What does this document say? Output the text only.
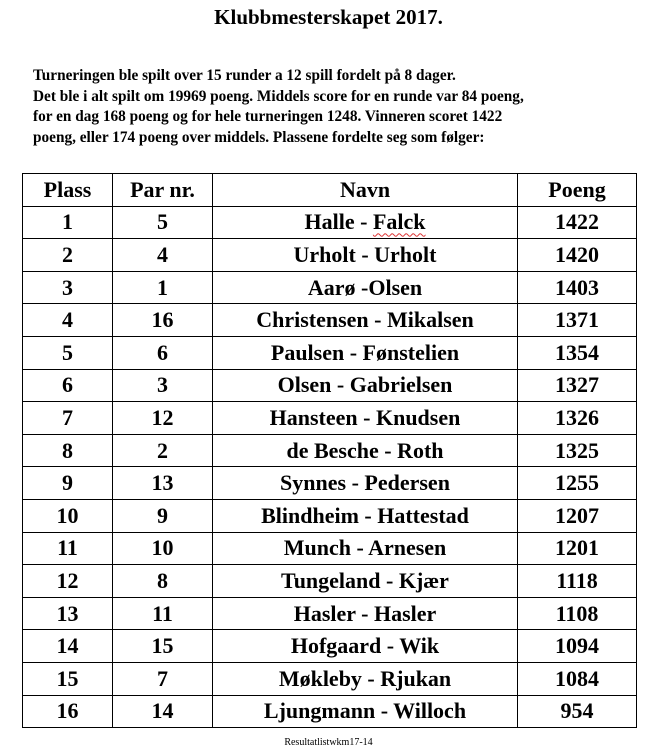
Klubbmesterskapet 2017.
Turneringen ble spilt over 15 runder a 12 spill fordelt på 8 dager.
Det ble i alt spilt om 19969 poeng. Middels score for en runde var 84 poeng,
for en dag 168 poeng og for hele turneringen 1248. Vinneren scoret 1422
poeng, eller 174 poeng over middels. Plassene fordelte seg som følger:
Plass	Par nr.	Navn	Poeng
1	5	Halle - Falck	1422
2	4	Urholt - Urholt	1420
3	1	Aarø -Olsen	1403
4	16	Christensen - Mikalsen	1371
5	6	Paulsen - Fønstelien	1354
6	3	Olsen - Gabrielsen	1327
7	12	Hansteen - Knudsen	1326
8	2	de Besche - Roth	1325
9	13	Synnes - Pedersen	1255
10	9	Blindheim - Hattestad	1207
11	10	Munch - Arnesen	1201
12	8	Tungeland - Kjær	1118
13	11	Hasler - Hasler	1108
14	15	Hofgaard - Wik	1094
15	7	Møkleby - Rjukan	1084
16	14	Ljungmann - Willoch	954
Resultatlistwkm17-14
